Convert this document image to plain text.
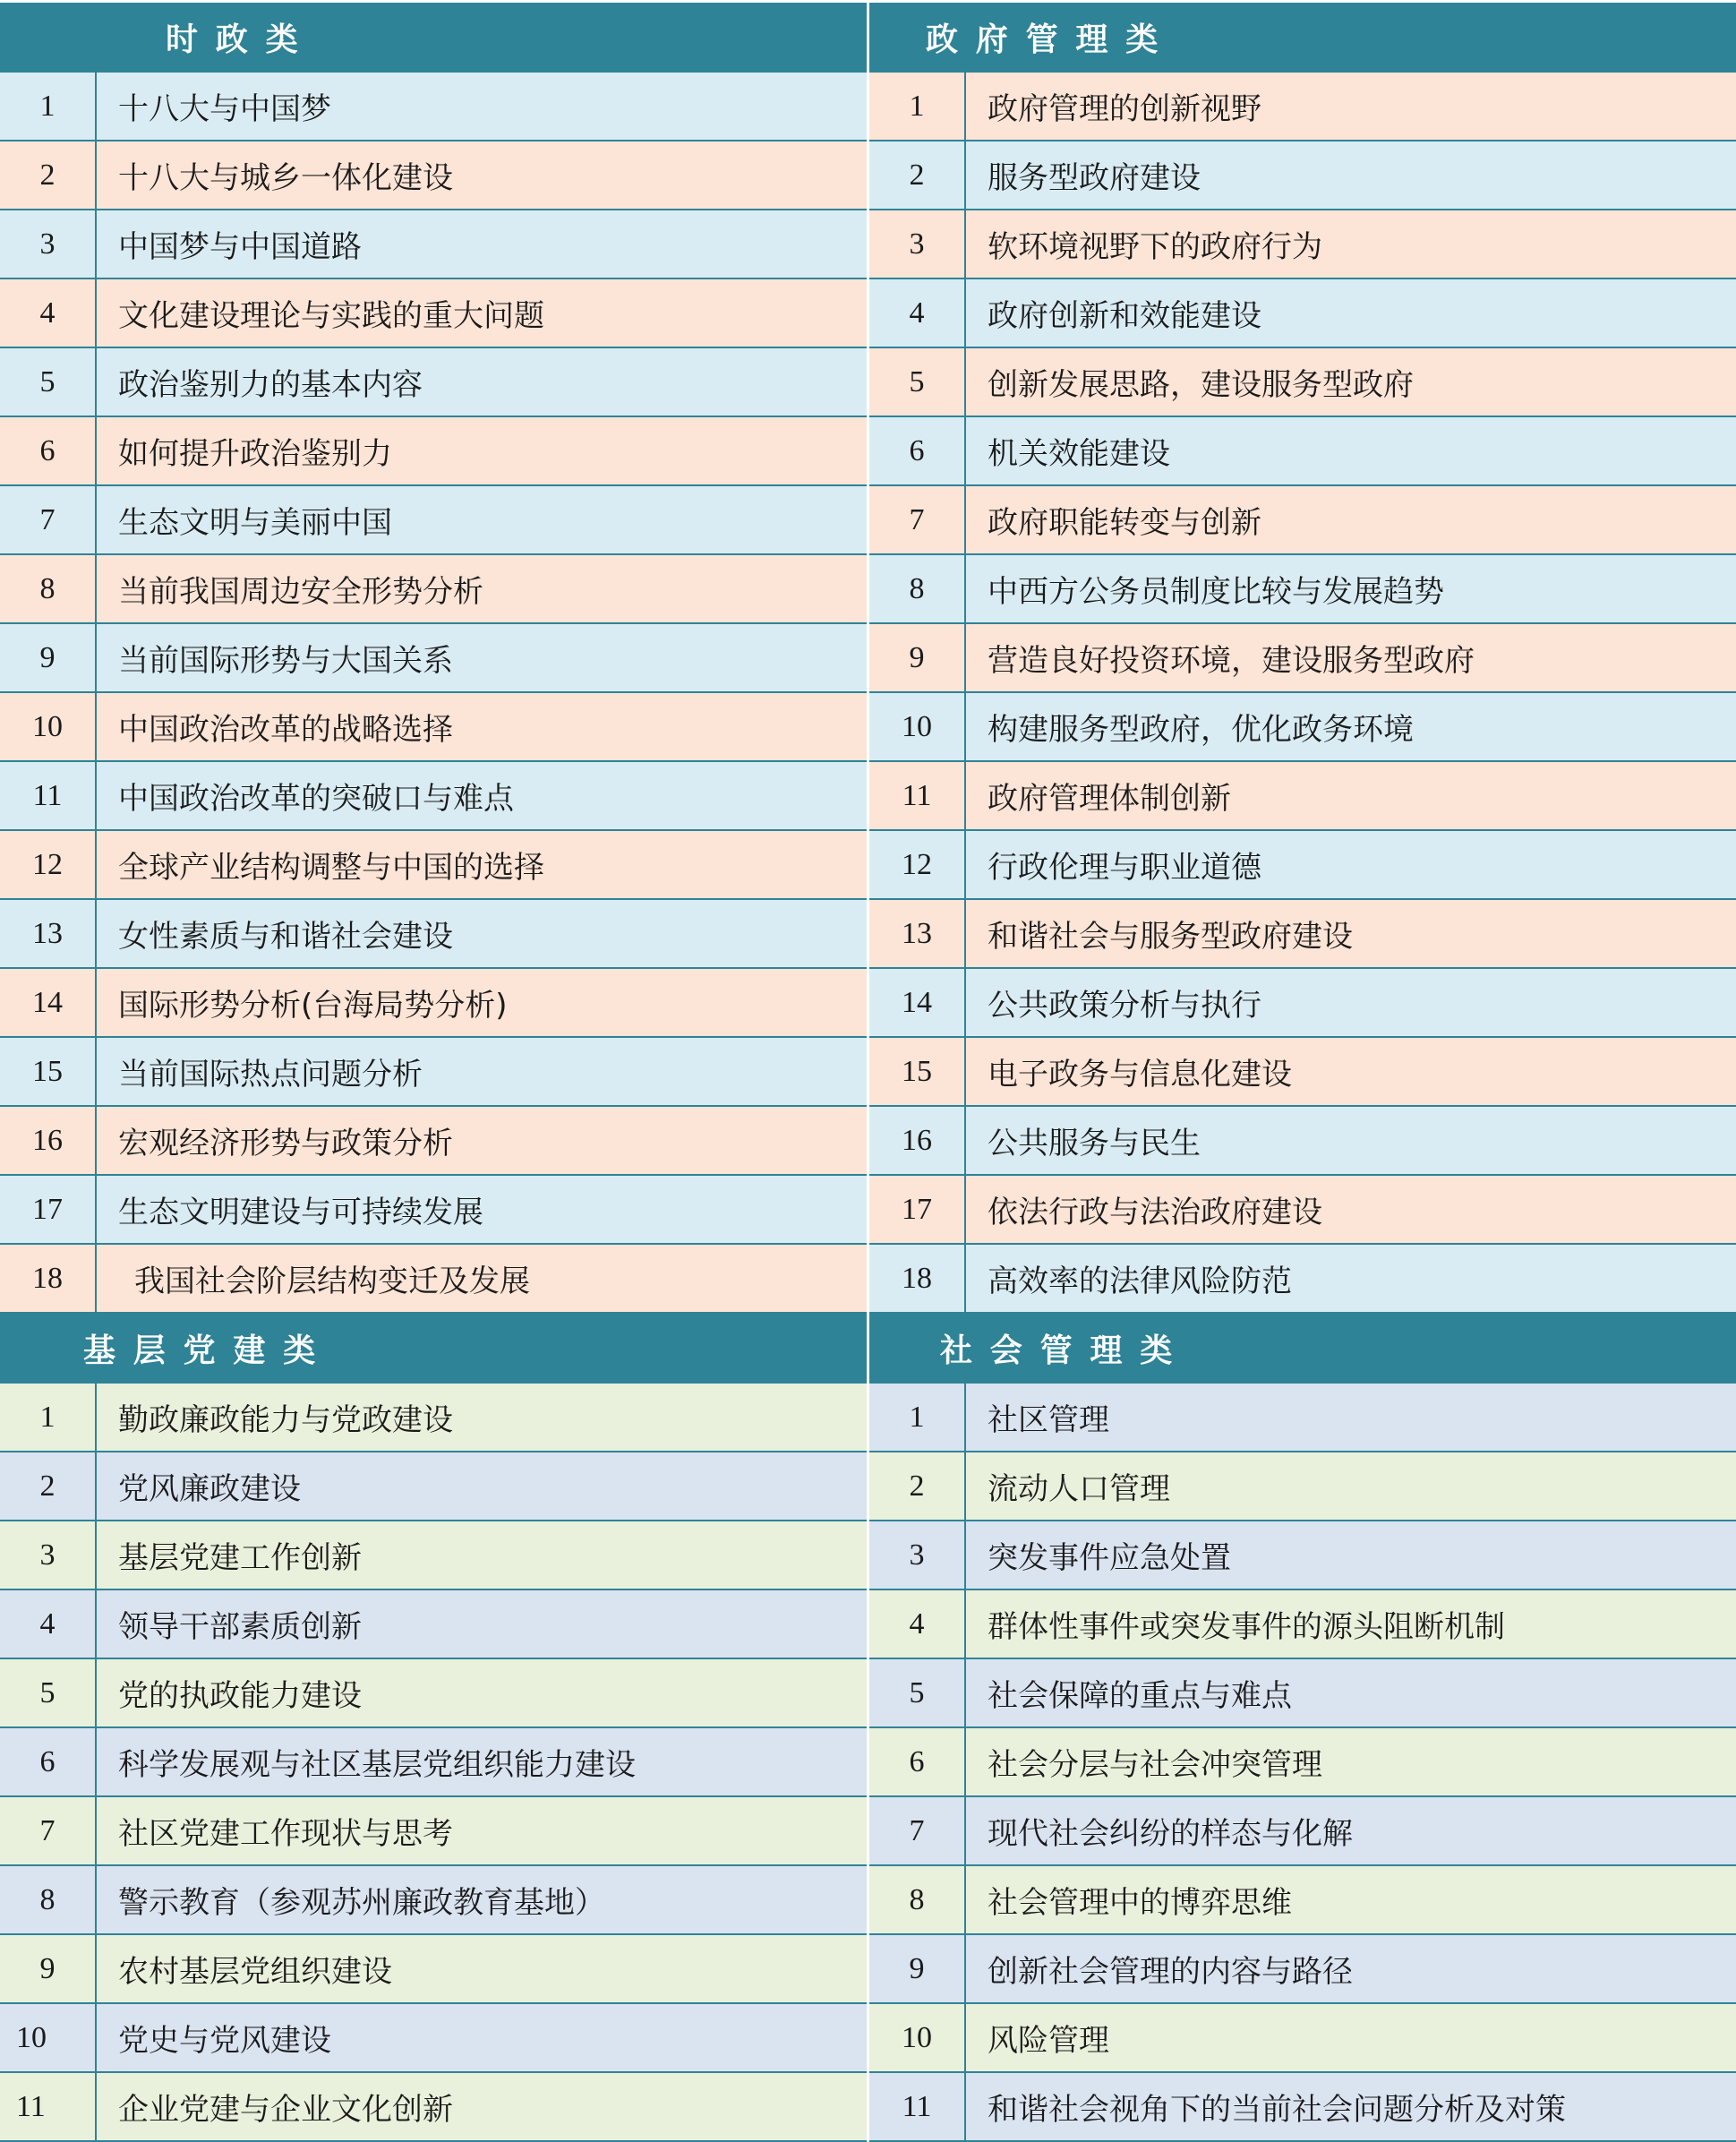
时政类
1	十八大与中国梦
2	十八大与城乡一体化建设
3	中国梦与中国道路
4	文化建设理论与实践的重大问题
5	政治鉴别力的基本内容
6	如何提升政治鉴别力
7	生态文明与美丽中国
8	当前我国周边安全形势分析
9	当前国际形势与大国关系
10	中国政治改革的战略选择
11	中国政治改革的突破口与难点
12	全球产业结构调整与中国的选择
13	女性素质与和谐社会建设
14	国际形势分析(台海局势分析)
15	当前国际热点问题分析
16	宏观经济形势与政策分析
17	生态文明建设与可持续发展
18	我国社会阶层结构变迁及发展
政府管理类
1	政府管理的创新视野
2	服务型政府建设
3	软环境视野下的政府行为
4	政府创新和效能建设
5	创新发展思路，建设服务型政府
6	机关效能建设
7	政府职能转变与创新
8	中西方公务员制度比较与发展趋势
9	营造良好投资环境，建设服务型政府
10	构建服务型政府，优化政务环境
11	政府管理体制创新
12	行政伦理与职业道德
13	和谐社会与服务型政府建设
14	公共政策分析与执行
15	电子政务与信息化建设
16	公共服务与民生
17	依法行政与法治政府建设
18	高效率的法律风险防范
基层党建类
1	勤政廉政能力与党政建设
2	党风廉政建设
3	基层党建工作创新
4	领导干部素质创新
5	党的执政能力建设
6	科学发展观与社区基层党组织能力建设
7	社区党建工作现状与思考
8	警示教育（参观苏州廉政教育基地）
9	农村基层党组织建设
10	党史与党风建设
11	企业党建与企业文化创新
社会管理类
1	社区管理
2	流动人口管理
3	突发事件应急处置
4	群体性事件或突发事件的源头阻断机制
5	社会保障的重点与难点
6	社会分层与社会冲突管理
7	现代社会纠纷的样态与化解
8	社会管理中的博弈思维
9	创新社会管理的内容与路径
10	风险管理
11	和谐社会视角下的当前社会问题分析及对策
